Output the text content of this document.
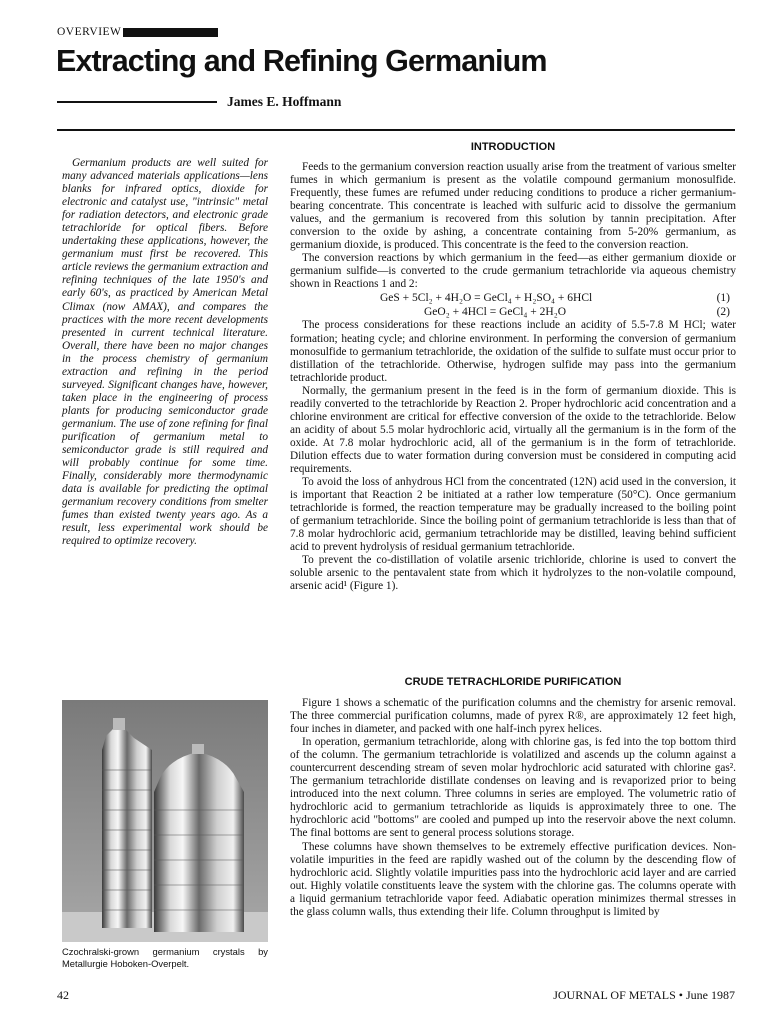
OVERVIEW
Extracting and Refining Germanium
James E. Hoffmann

Germanium products are well suited for many advanced materials applications—lens blanks for infrared optics, dioxide for electronic and catalyst use, "intrinsic" metal for radiation detectors, and electronic grade tetrachloride for optical fibers. Before undertaking these applications, however, the germanium must first be recovered. This article reviews the germanium extraction and refining techniques of the late 1950's and early 60's, as practiced by American Metal Climax (now AMAX), and compares the practices with the more recent developments presented in current technical literature. Overall, there have been no major changes in the process chemistry of germanium extraction and refining in the period surveyed. Significant changes have, however, taken place in the engineering of process plants for producing semiconductor grade germanium. The use of zone refining for final purification of germanium metal to semiconductor grade is still required and will probably continue for some time. Finally, considerably more thermodynamic data is available for predicting the optimal germanium recovery conditions from smelter fumes than existed twenty years ago. As a result, less experimental work should be required to optimize recovery.

Czochralski-grown germanium crystals by Metallurgie Hoboken-Overpelt.

INTRODUCTION

Feeds to the germanium conversion reaction usually arise from the treatment of various smelter fumes in which germanium is present as the volatile compound germanium monosulfide. Frequently, these fumes are refumed under reducing conditions to produce a richer germanium-bearing concentrate. This concentrate is leached with sulfuric acid to dissolve the germanium values, and the germanium is recovered from this solution by tannin precipitation. After conversion to the oxide by ashing, a concentrate containing from 5-20% germanium, as germanium dioxide, is produced. This concentrate is the feed to the conversion reaction.

The conversion reactions by which germanium in the feed—as either germanium dioxide or germanium sulfide—is converted to the crude germanium tetrachloride via aqueous chemistry shown in Reactions 1 and 2:

GeS + 5Cl₂ + 4H₂O = GeCl₄ + H₂SO₄ + 6HCl	(1)
GeO₂ + 4HCl = GeCl₄ + 2H₂O	(2)

The process considerations for these reactions include an acidity of 5.5-7.8 M HCl; water formation; heating cycle; and chlorine environment. In performing the conversion of germanium monosulfide to germanium tetrachloride, the oxidation of the sulfide to sulfate must occur prior to distillation of the tetrachloride. Otherwise, hydrogen sulfide may pass into the germanium tetrachloride product.

Normally, the germanium present in the feed is in the form of germanium dioxide. This is readily converted to the tetrachloride by Reaction 2. Proper hydrochloric acid concentration and a chlorine environment are critical for effective conversion of the oxide to the tetrachloride. Below an acidity of about 5.5 molar hydrochloric acid, virtually all the germanium is in the form of the oxide. At 7.8 molar hydrochloric acid, all of the germanium is in the form of tetrachloride. Dilution effects due to water formation during conversion must be considered in computing acid requirements.

To avoid the loss of anhydrous HCl from the concentrated (12N) acid used in the conversion, it is important that Reaction 2 be initiated at a rather low temperature (50°C). Once germanium tetrachloride is formed, the reaction temperature may be gradually increased to the boiling point of germanium tetrachloride. Since the boiling point of germanium tetrachloride is less than that of 7.8 molar hydrochloric acid, germanium tetrachloride may be distilled, leaving behind sufficient acid to prevent hydrolysis of residual germanium tetrachloride.

To prevent the co-distillation of volatile arsenic trichloride, chlorine is used to convert the soluble arsenic to the pentavalent state from which it hydrolyzes to the non-volatile compound, arsenic acid¹ (Figure 1).

CRUDE TETRACHLORIDE PURIFICATION

Figure 1 shows a schematic of the purification columns and the chemistry for arsenic removal. The three commercial purification columns, made of pyrex R®, are approximately 12 feet high, four inches in diameter, and packed with one half-inch pyrex helices.

In operation, germanium tetrachloride, along with chlorine gas, is fed into the top bottom third of the column. The germanium tetrachloride is volatilized and ascends up the column against a countercurrent descending stream of seven molar hydrochloric acid saturated with chlorine gas². The germanium tetrachloride distillate condenses on leaving and is revaporized prior to being introduced into the next column. Three columns in series are employed. The volumetric ratio of hydrochloric acid to germanium tetrachloride as liquids is approximately three to one. The hydrochloric acid "bottoms" are cooled and pumped up into the reservoir above the next column. The final bottoms are sent to general process solutions storage.

These columns have shown themselves to be extremely effective purification devices. Non-volatile impurities in the feed are rapidly washed out of the column by the descending flow of hydrochloric acid. Slightly volatile impurities pass into the hydrochloric acid layer and are carried out. Highly volatile constituents leave the system with the chlorine gas. The columns operate with a liquid germanium tetrachloride vapor feed. Adiabatic operation minimizes thermal stresses in the glass column walls, thus extending their life. Column throughput is limited by

42	JOURNAL OF METALS • June 1987
